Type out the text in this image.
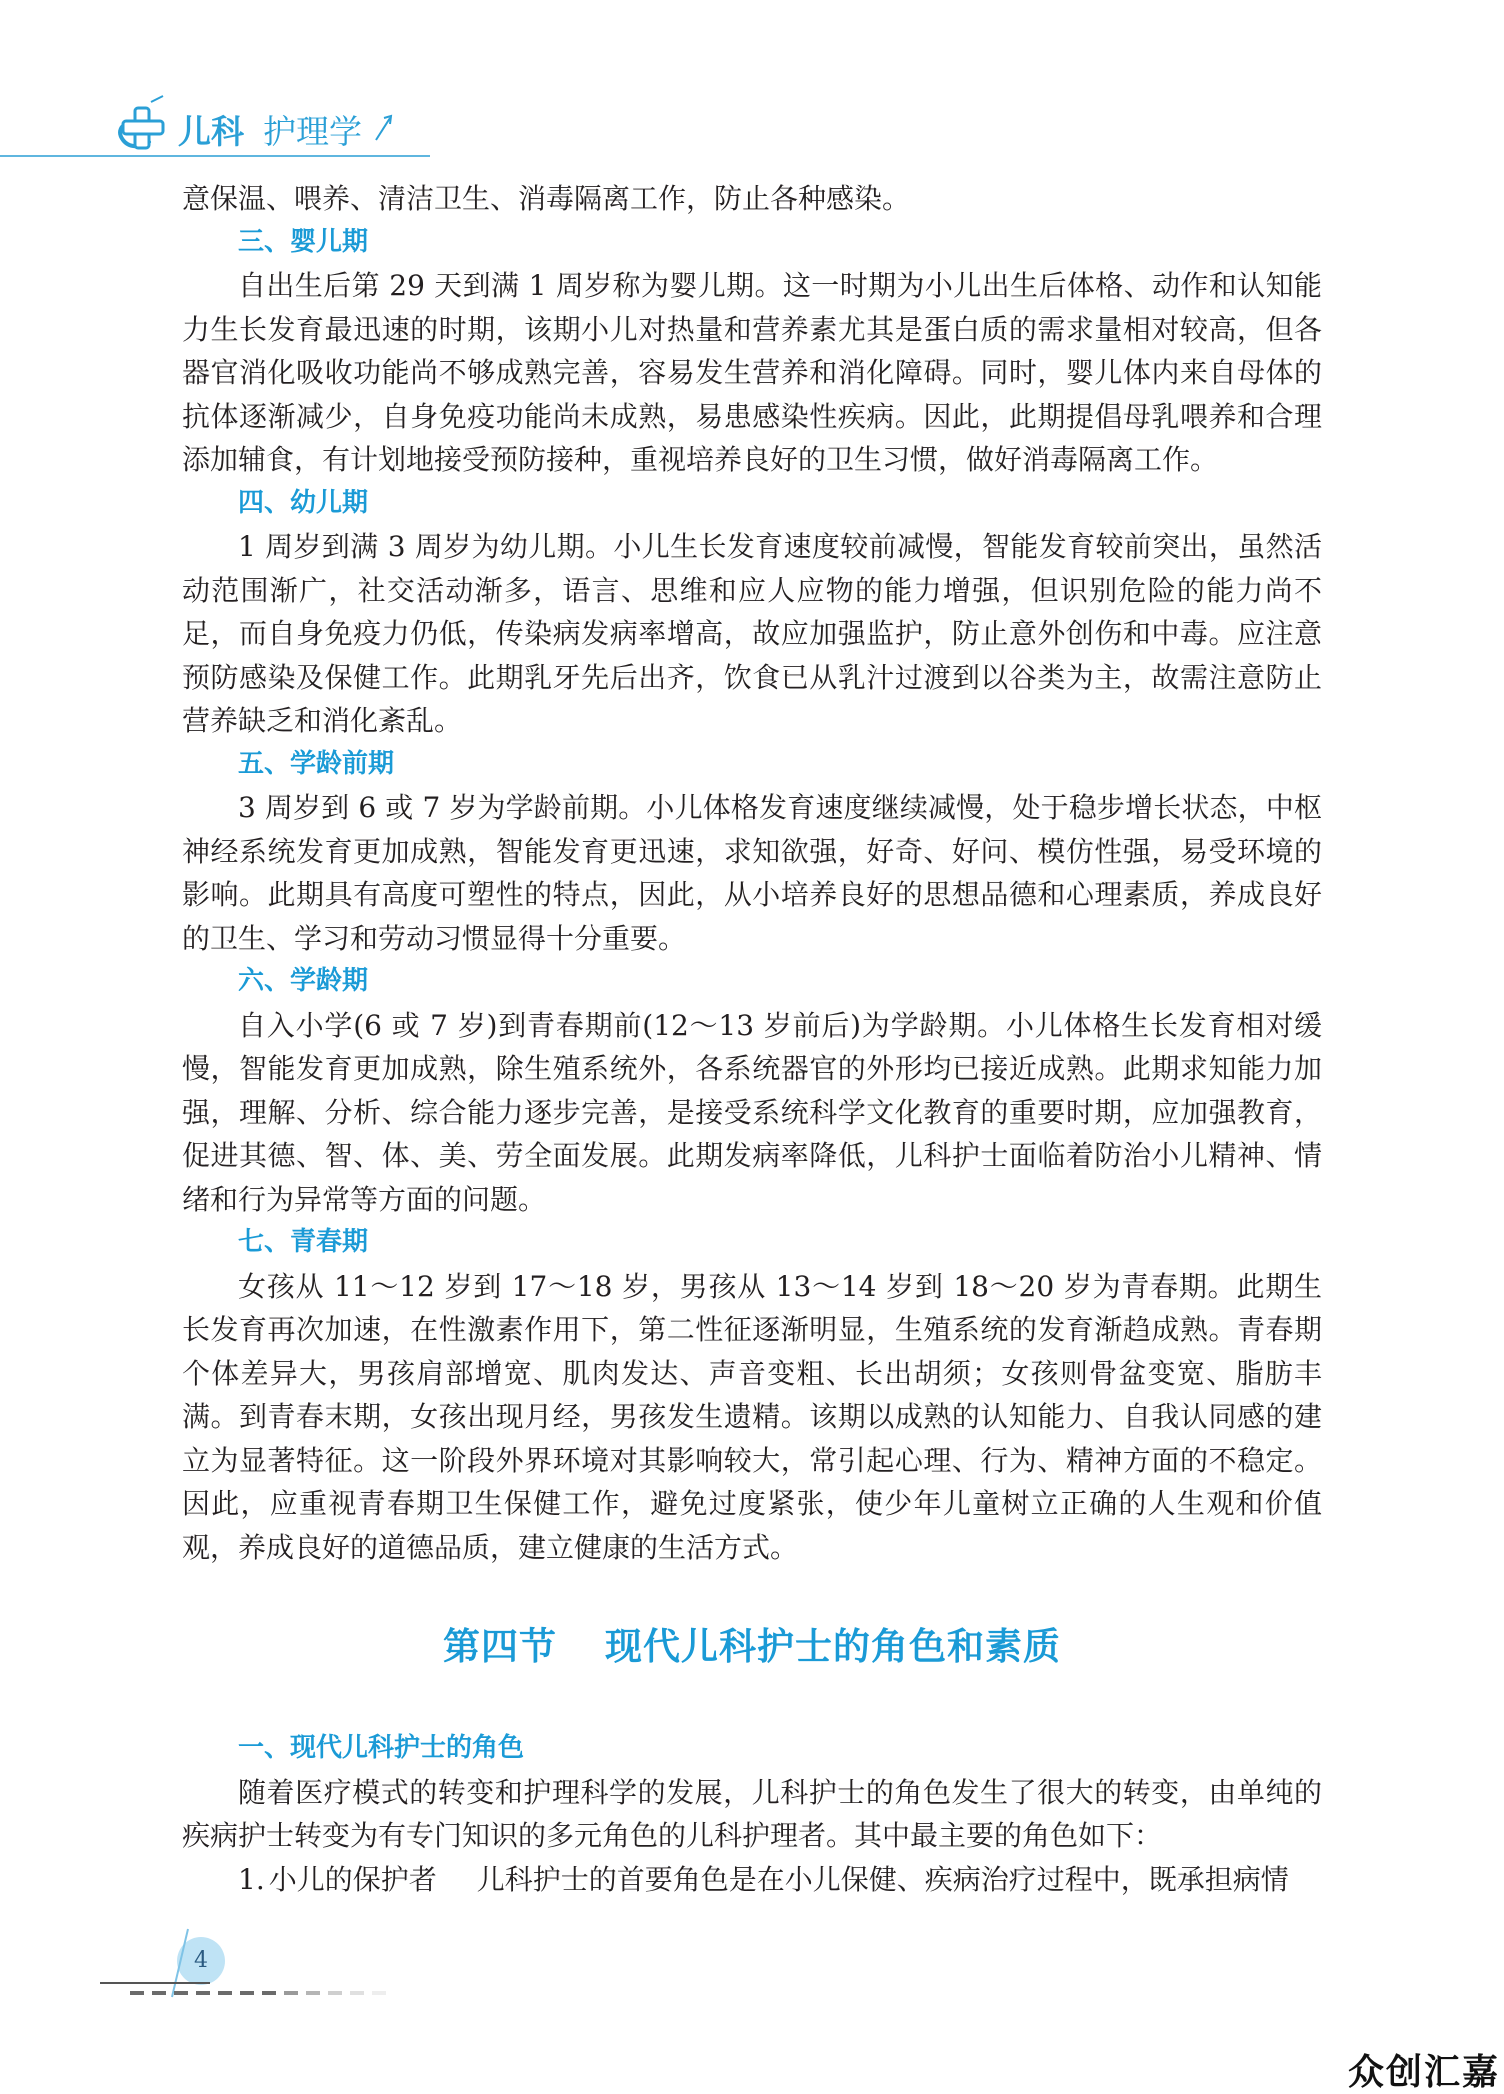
儿科 护理学

意保温、喂养、清洁卫生、消毒隔离工作，防止各种感染。

三、婴儿期

自出生后第 29 天到满 1 周岁称为婴儿期。这一时期为小儿出生后体格、动作和认知能力生长发育最迅速的时期，该期小儿对热量和营养素尤其是蛋白质的需求量相对较高，但各器官消化吸收功能尚不够成熟完善，容易发生营养和消化障碍。同时，婴儿体内来自母体的抗体逐渐减少，自身免疫功能尚未成熟，易患感染性疾病。因此，此期提倡母乳喂养和合理添加辅食，有计划地接受预防接种，重视培养良好的卫生习惯，做好消毒隔离工作。

四、幼儿期

1 周岁到满 3 周岁为幼儿期。小儿生长发育速度较前减慢，智能发育较前突出，虽然活动范围渐广，社交活动渐多，语言、思维和应人应物的能力增强，但识别危险的能力尚不足，而自身免疫力仍低，传染病发病率增高，故应加强监护，防止意外创伤和中毒。应注意预防感染及保健工作。此期乳牙先后出齐，饮食已从乳汁过渡到以谷类为主，故需注意防止营养缺乏和消化紊乱。

五、学龄前期

3 周岁到 6 或 7 岁为学龄前期。小儿体格发育速度继续减慢，处于稳步增长状态，中枢神经系统发育更加成熟，智能发育更迅速，求知欲强，好奇、好问、模仿性强，易受环境的影响。此期具有高度可塑性的特点，因此，从小培养良好的思想品德和心理素质，养成良好的卫生、学习和劳动习惯显得十分重要。

六、学龄期

自入小学(6 或 7 岁)到青春期前(12～13 岁前后)为学龄期。小儿体格生长发育相对缓慢，智能发育更加成熟，除生殖系统外，各系统器官的外形均已接近成熟。此期求知能力加强，理解、分析、综合能力逐步完善，是接受系统科学文化教育的重要时期，应加强教育，促进其德、智、体、美、劳全面发展。此期发病率降低，儿科护士面临着防治小儿精神、情绪和行为异常等方面的问题。

七、青春期

女孩从 11～12 岁到 17～18 岁，男孩从 13～14 岁到 18～20 岁为青春期。此期生长发育再次加速，在性激素作用下，第二性征逐渐明显，生殖系统的发育渐趋成熟。青春期个体差异大，男孩肩部增宽、肌肉发达、声音变粗、长出胡须；女孩则骨盆变宽、脂肪丰满。到青春末期，女孩出现月经，男孩发生遗精。该期以成熟的认知能力、自我认同感的建立为显著特征。这一阶段外界环境对其影响较大，常引起心理、行为、精神方面的不稳定。因此，应重视青春期卫生保健工作，避免过度紧张，使少年儿童树立正确的人生观和价值观，养成良好的道德品质，建立健康的生活方式。

第四节 现代儿科护士的角色和素质
一、现代儿科护士的角色

随着医疗模式的转变和护理科学的发展，儿科护士的角色发生了很大的转变，由单纯的疾病护士转变为有专门知识的多元角色的儿科护理者。其中最主要的角色如下：

1. 小儿的保护者 儿科护士的首要角色是在小儿保健、疾病治疗过程中，既承担病情

4
众创汇嘉
